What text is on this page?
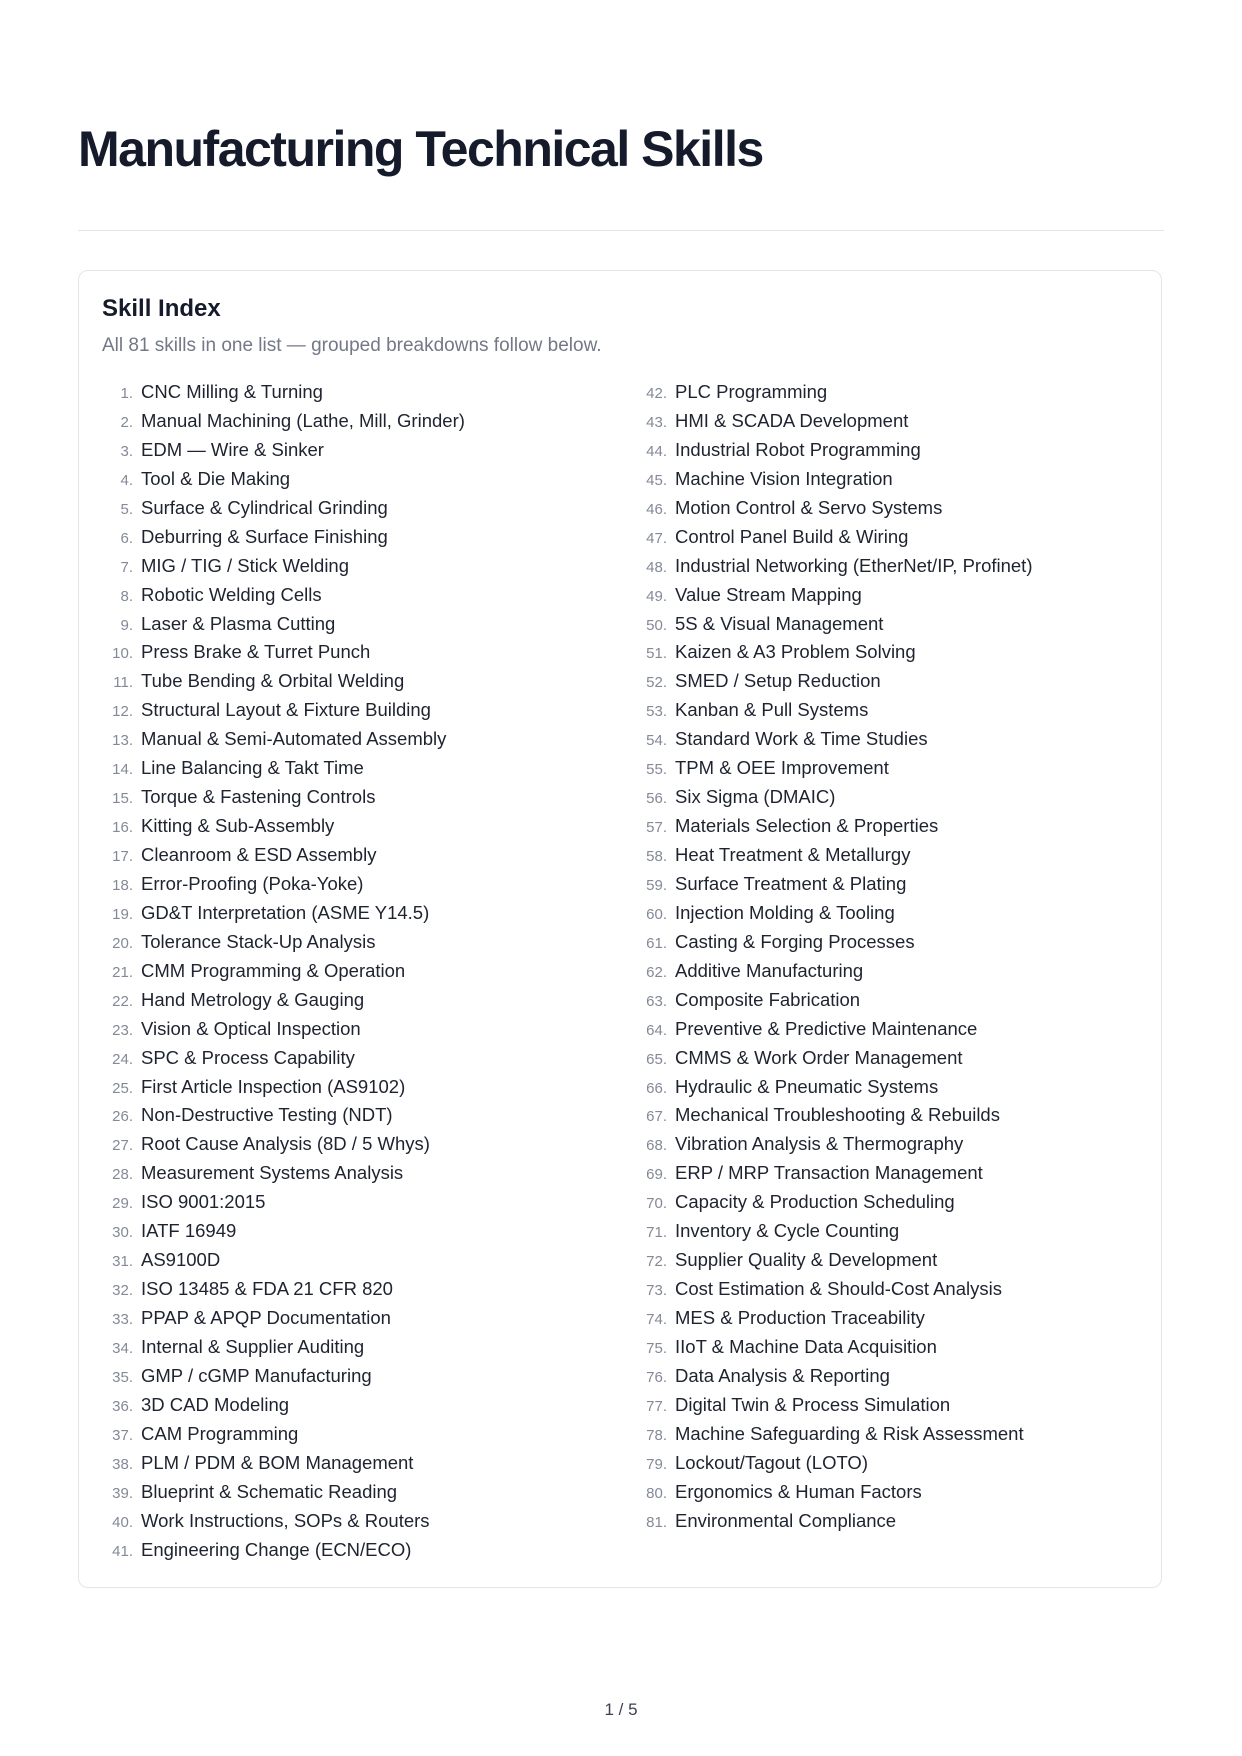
Manufacturing Technical Skills
Skill Index

All 81 skills in one list — grouped breakdowns follow below.

1. CNC Milling & Turning
2. Manual Machining (Lathe, Mill, Grinder)
3. EDM — Wire & Sinker
4. Tool & Die Making
5. Surface & Cylindrical Grinding
6. Deburring & Surface Finishing
7. MIG / TIG / Stick Welding
8. Robotic Welding Cells
9. Laser & Plasma Cutting
10. Press Brake & Turret Punch
11. Tube Bending & Orbital Welding
12. Structural Layout & Fixture Building
13. Manual & Semi-Automated Assembly
14. Line Balancing & Takt Time
15. Torque & Fastening Controls
16. Kitting & Sub-Assembly
17. Cleanroom & ESD Assembly
18. Error-Proofing (Poka-Yoke)
19. GD&T Interpretation (ASME Y14.5)
20. Tolerance Stack-Up Analysis
21. CMM Programming & Operation
22. Hand Metrology & Gauging
23. Vision & Optical Inspection
24. SPC & Process Capability
25. First Article Inspection (AS9102)
26. Non-Destructive Testing (NDT)
27. Root Cause Analysis (8D / 5 Whys)
28. Measurement Systems Analysis
29. ISO 9001:2015
30. IATF 16949
31. AS9100D
32. ISO 13485 & FDA 21 CFR 820
33. PPAP & APQP Documentation
34. Internal & Supplier Auditing
35. GMP / cGMP Manufacturing
36. 3D CAD Modeling
37. CAM Programming
38. PLM / PDM & BOM Management
39. Blueprint & Schematic Reading
40. Work Instructions, SOPs & Routers
41. Engineering Change (ECN/ECO)
42. PLC Programming
43. HMI & SCADA Development
44. Industrial Robot Programming
45. Machine Vision Integration
46. Motion Control & Servo Systems
47. Control Panel Build & Wiring
48. Industrial Networking (EtherNet/IP, Profinet)
49. Value Stream Mapping
50. 5S & Visual Management
51. Kaizen & A3 Problem Solving
52. SMED / Setup Reduction
53. Kanban & Pull Systems
54. Standard Work & Time Studies
55. TPM & OEE Improvement
56. Six Sigma (DMAIC)
57. Materials Selection & Properties
58. Heat Treatment & Metallurgy
59. Surface Treatment & Plating
60. Injection Molding & Tooling
61. Casting & Forging Processes
62. Additive Manufacturing
63. Composite Fabrication
64. Preventive & Predictive Maintenance
65. CMMS & Work Order Management
66. Hydraulic & Pneumatic Systems
67. Mechanical Troubleshooting & Rebuilds
68. Vibration Analysis & Thermography
69. ERP / MRP Transaction Management
70. Capacity & Production Scheduling
71. Inventory & Cycle Counting
72. Supplier Quality & Development
73. Cost Estimation & Should-Cost Analysis
74. MES & Production Traceability
75. IIoT & Machine Data Acquisition
76. Data Analysis & Reporting
77. Digital Twin & Process Simulation
78. Machine Safeguarding & Risk Assessment
79. Lockout/Tagout (LOTO)
80. Ergonomics & Human Factors
81. Environmental Compliance
1 / 5
